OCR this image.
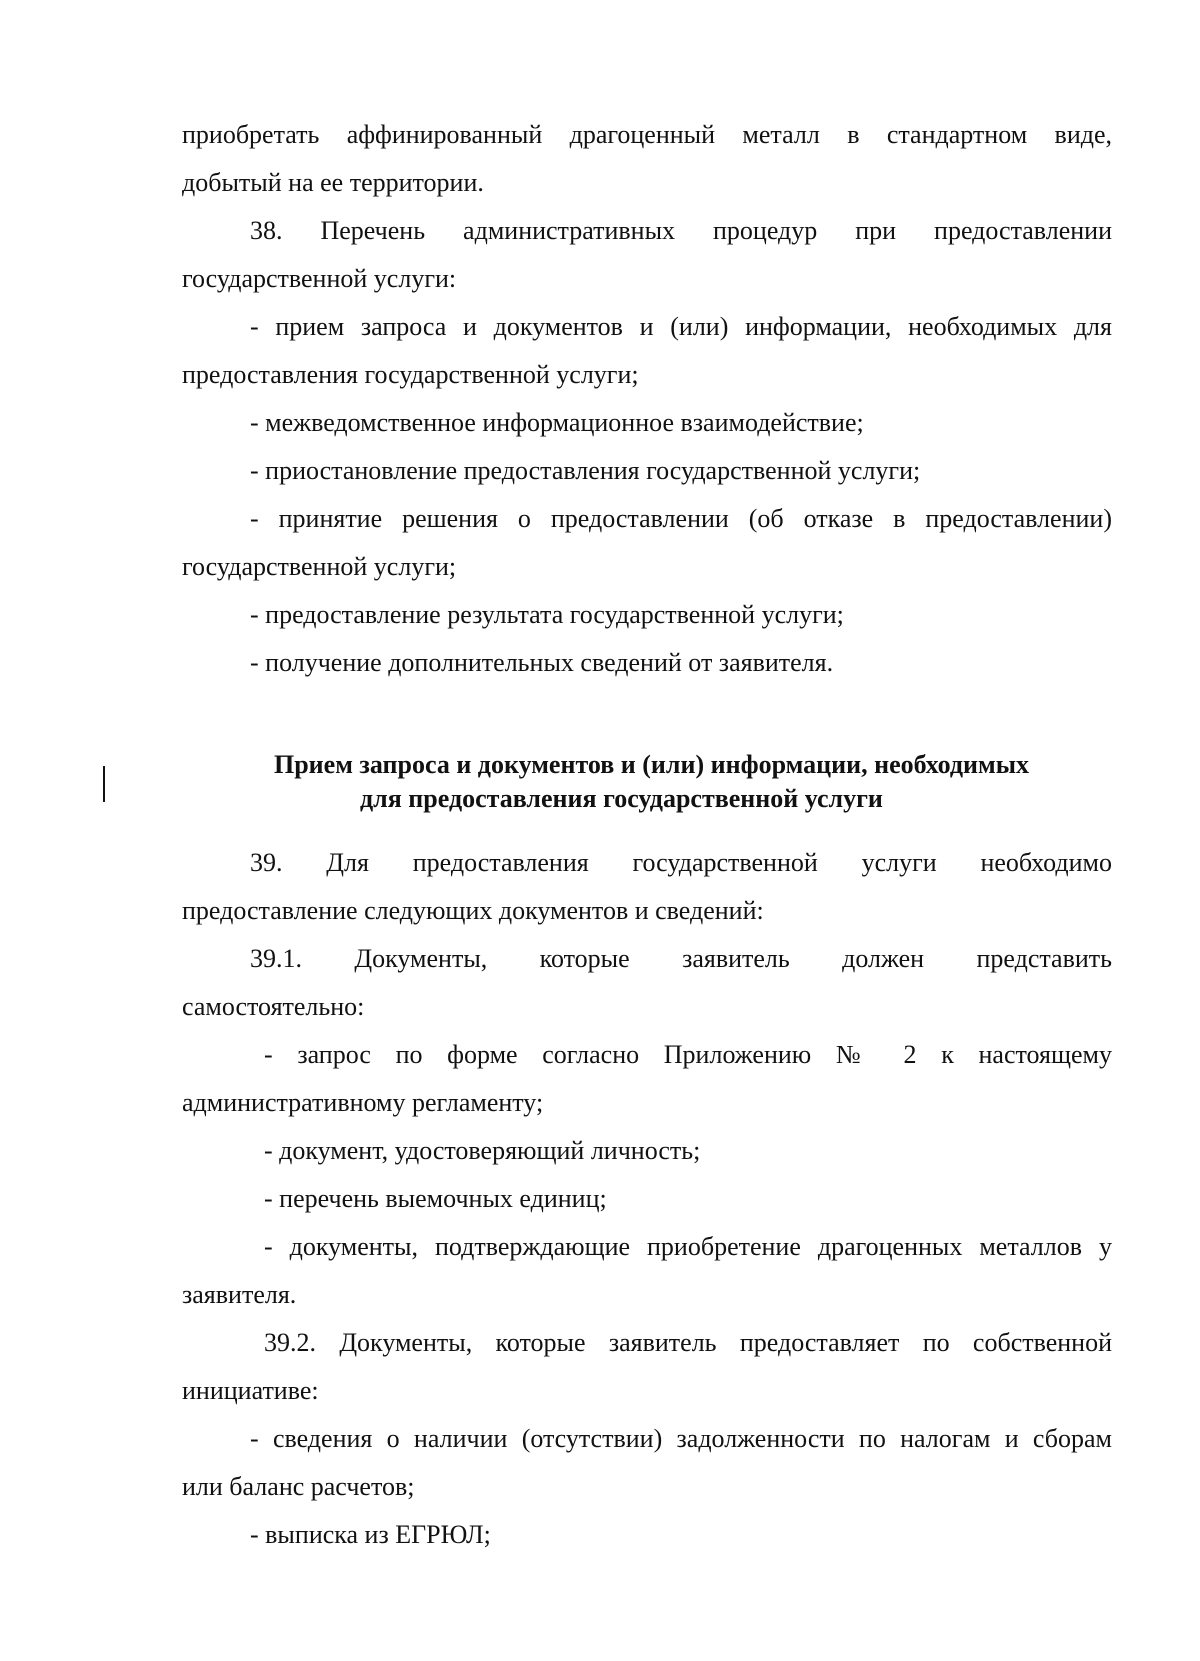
приобретать аффинированный драгоценный металл в стандартном виде,
добытый на ее территории.
38. Перечень административных процедур при предоставлении
государственной услуги:
- прием запроса и документов и (или) информации, необходимых для
предоставления государственной услуги;
- межведомственное информационное взаимодействие;
- приостановление предоставления государственной услуги;
- принятие решения о предоставлении (об отказе в предоставлении)
государственной услуги;
- предоставление результата государственной услуги;
- получение дополнительных сведений от заявителя.
Прием запроса и документов и (или) информации, необходимых
для предоставления государственной услуги
39. Для предоставления государственной услуги необходимо
предоставление следующих документов и сведений:
39.1. Документы, которые заявитель должен представить
самостоятельно:
- запрос по форме согласно Приложению № 2 к настоящему
административному регламенту;
- документ, удостоверяющий личность;
- перечень выемочных единиц;
- документы, подтверждающие приобретение драгоценных металлов у
заявителя.
39.2. Документы, которые заявитель предоставляет по собственной
инициативе:
- сведения о наличии (отсутствии) задолженности по налогам и сборам
или баланс расчетов;
- выписка из ЕГРЮЛ;
